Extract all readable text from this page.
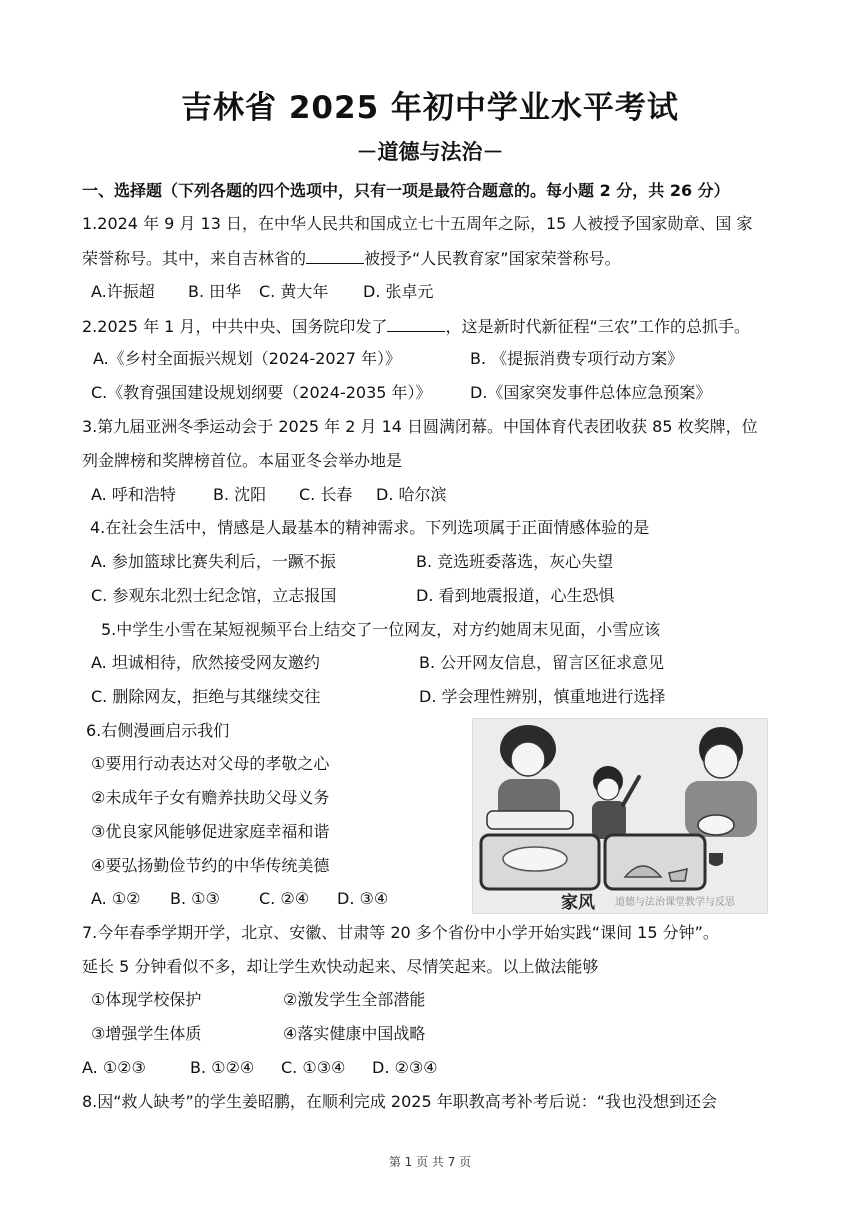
吉林省 2025 年初中学业水平考试
－道德与法治－
一、选择题（下列各题的四个选项中，只有一项是最符合题意的。每小题 2 分，共 26 分）
1.2024 年 9 月 13 日，在中华人民共和国成立七十五周年之际，15 人被授予国家勋章、国 家
荣誉称号。其中，来自吉林省的	被授予“人民教育家”国家荣誉称号。
A.许振超 B. 田华 C. 黄大年 D. 张卓元
2.2025 年 1 月，中共中央、国务院印发了	，这是新时代新征程“三农”工作的总抓手。
A.《乡村全面振兴规划（2024-2027 年）》	B. 《提振消费专项行动方案》
C.《教育强国建设规划纲要（2024-2035 年）》 D.《国家突发事件总体应急预案》
3.第九届亚洲冬季运动会于 2025 年 2 月 14 日圆满闭幕。中国体育代表团收获 85 枚奖牌，位
列金牌榜和奖牌榜首位。本届亚冬会举办地是
A. 呼和浩特 B. 沈阳 C. 长春 D. 哈尔滨
4.在社会生活中，情感是人最基本的精神需求。下列选项属于正面情感体验的是
A. 参加篮球比赛失利后，一蹶不振	B. 竞选班委落选，灰心失望
C. 参观东北烈士纪念馆，立志报国	D. 看到地震报道，心生恐惧
5.中学生小雪在某短视频平台上结交了一位网友，对方约她周末见面，小雪应该
A. 坦诚相待，欣然接受网友邀约	B. 公开网友信息，留言区征求意见
C. 删除网友，拒绝与其继续交往	D. 学会理性辨别，慎重地进行选择
6.右侧漫画启示我们
①要用行动表达对父母的孝敬之心
②未成年子女有赡养扶助父母义务
③优良家风能够促进家庭幸福和谐
④要弘扬勤俭节约的中华传统美德
A. ①② B. ①③ C. ②④ D. ③④	家风 道德与法治课堂教学与反思
7.今年春季学期开学，北京、安徽、甘肃等 20 多个省份中小学开始实践“课间 15 分钟”。
延长 5 分钟看似不多，却让学生欢快动起来、尽情笑起来。以上做法能够
①体现学校保护	②激发学生全部潜能
③增强学生体质	④落实健康中国战略
A. ①②③	B. ①②④ C. ①③④ D. ②③④
8.因“救人缺考”的学生姜昭鹏，在顺利完成 2025 年职教高考补考后说：“我也没想到还会
第 1 页 共 7 页
